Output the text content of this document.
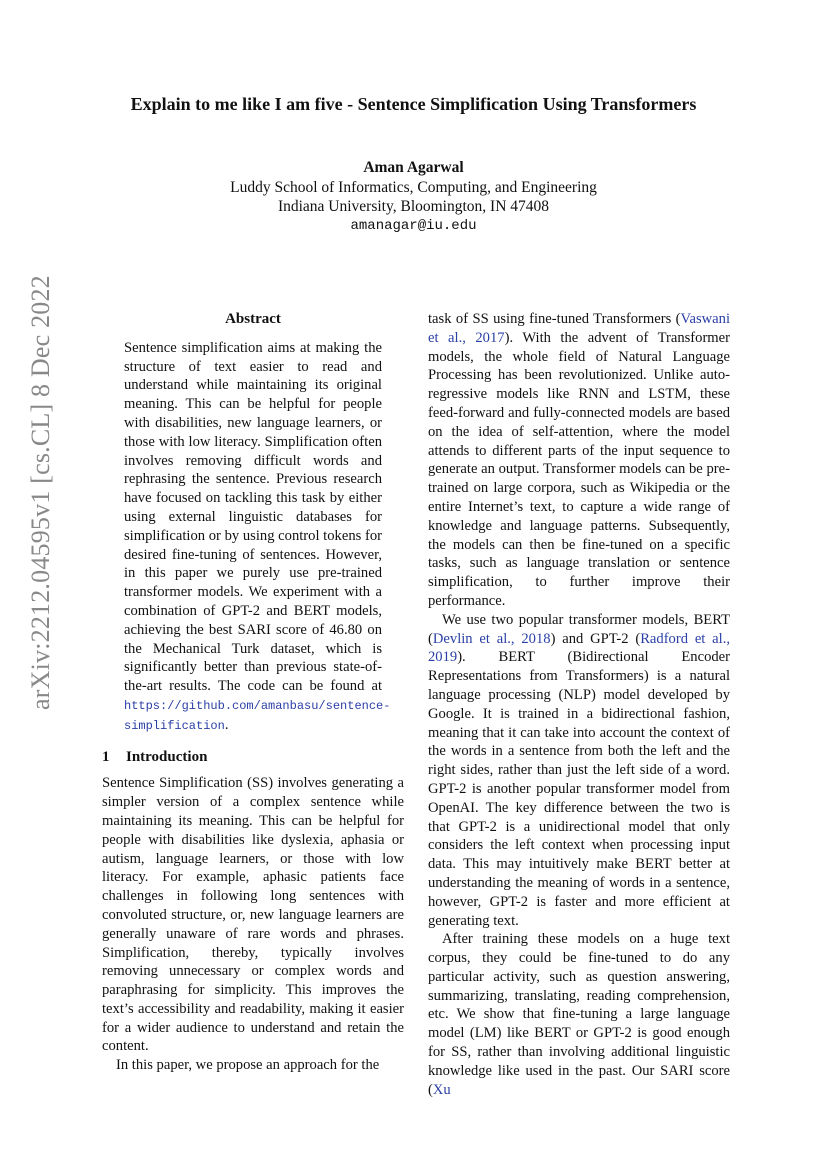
arXiv:2212.04595v1 [cs.CL] 8 Dec 2022
Explain to me like I am five - Sentence Simplification Using Transformers
Aman Agarwal
Luddy School of Informatics, Computing, and Engineering
Indiana University, Bloomington, IN 47408
amanagar@iu.edu
Abstract

Sentence simplification aims at making the structure of text easier to read and understand while maintaining its original meaning. This can be helpful for people with disabilities, new language learners, or those with low literacy. Simplification often involves removing difficult words and rephrasing the sentence. Previous research have focused on tackling this task by either using external linguistic databases for simplification or by using control tokens for desired fine-tuning of sentences. However, in this paper we purely use pre-trained transformer models. We experiment with a combination of GPT-2 and BERT models, achieving the best SARI score of 46.80 on the Mechanical Turk dataset, which is significantly better than previous state-of-the-art results. The code can be found at https://github.com/amanbasu/sentence-simplification.

1 Introduction

Sentence Simplification (SS) involves generating a simpler version of a complex sentence while maintaining its meaning. This can be helpful for people with disabilities like dyslexia, aphasia or autism, language learners, or those with low literacy. For example, aphasic patients face challenges in following long sentences with convoluted structure, or, new language learners are generally unaware of rare words and phrases. Simplification, thereby, typically involves removing unnecessary or complex words and paraphrasing for simplicity. This improves the text’s accessibility and readability, making it easier for a wider audience to understand and retain the content.

In this paper, we propose an approach for the

task of SS using fine-tuned Transformers (Vaswani et al., 2017). With the advent of Transformer models, the whole field of Natural Language Processing has been revolutionized. Unlike auto-regressive models like RNN and LSTM, these feed-forward and fully-connected models are based on the idea of self-attention, where the model attends to different parts of the input sequence to generate an output. Transformer models can be pre-trained on large corpora, such as Wikipedia or the entire Internet’s text, to capture a wide range of knowledge and language patterns. Subsequently, the models can then be fine-tuned on a specific tasks, such as language translation or sentence simplification, to further improve their performance.

We use two popular transformer models, BERT (Devlin et al., 2018) and GPT-2 (Radford et al., 2019). BERT (Bidirectional Encoder Representations from Transformers) is a natural language processing (NLP) model developed by Google. It is trained in a bidirectional fashion, meaning that it can take into account the context of the words in a sentence from both the left and the right sides, rather than just the left side of a word. GPT-2 is another popular transformer model from OpenAI. The key difference between the two is that GPT-2 is a unidirectional model that only considers the left context when processing input data. This may intuitively make BERT better at understanding the meaning of words in a sentence, however, GPT-2 is faster and more efficient at generating text.

After training these models on a huge text corpus, they could be fine-tuned to do any particular activity, such as question answering, summarizing, translating, reading comprehension, etc. We show that fine-tuning a large language model (LM) like BERT or GPT-2 is good enough for SS, rather than involving additional linguistic knowledge like used in the past. Our SARI score (Xu
